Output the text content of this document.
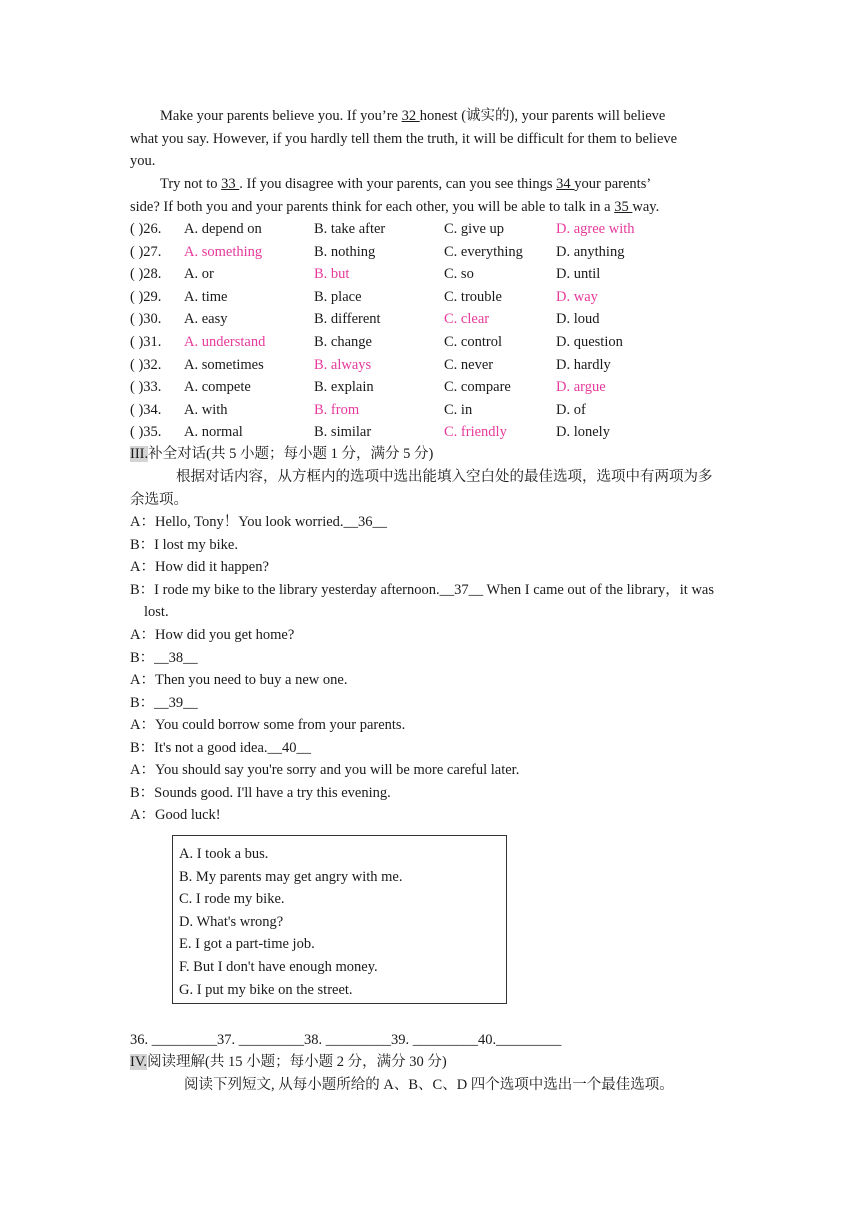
Make your parents believe you. If you’re 32 honest (诚实的), your parents will believe
what you say. However, if you hardly tell them the truth, it will be difficult for them to believe
you.
Try not to 33 . If you disagree with your parents, can you see things 34 your parents’
side? If both you and your parents think for each other, you will be able to talk in a 35 way.
( )26. A. depend on	B. take after	C. give up	D. agree with
( )27. A. something	B. nothing	C. everything D. anything
( )28. A. or	B. but	C. so	D. until
( )29. A. time	B. place	C. trouble	D. way
( )30. A. easy	B. different	C. clear	D. loud
( )31. A. understand	B. change	C. control	D. question
( )32. A. sometimes	B. always	C. never	D. hardly
( )33. A. compete	B. explain	C. compare	D. argue
( )34. A. with	B. from	C. in	D. of
( )35. A. normal	B. similar	C. friendly	D. lonely
III.补全对话(共 5 小题；每小题 1 分，满分 5 分)
根据对话内容，从方框内的选项中选出能填入空白处的最佳选项，选项中有两项为多
余选项。
A：Hello, Tony！You look worried.__36__
B：I lost my bike.
A：How did it happen?
B：I rode my bike to the library yesterday afternoon.__37__ When I came out of the library，it was
lost.
A：How did you get home?
B：__38__
A：Then you need to buy a new one.
B：__39__
A：You could borrow some from your parents.
B：It's not a good idea.__40__
A：You should say you're sorry and you will be more careful later.
B：Sounds good. I'll have a try this evening.
A：Good luck!
A. I took a bus.
B. My parents may get angry with me.
C. I rode my bike.
D. What's wrong?
E. I got a part-time job.
F. But I don't have enough money.
G. I put my bike on the street.
36. _________37. _________38. _________39. _________40._________
IV.阅读理解(共 15 小题；每小题 2 分，满分 30 分)
阅读下列短文, 从每小题所给的 A、B、C、D 四个选项中选出一个最佳选项。
